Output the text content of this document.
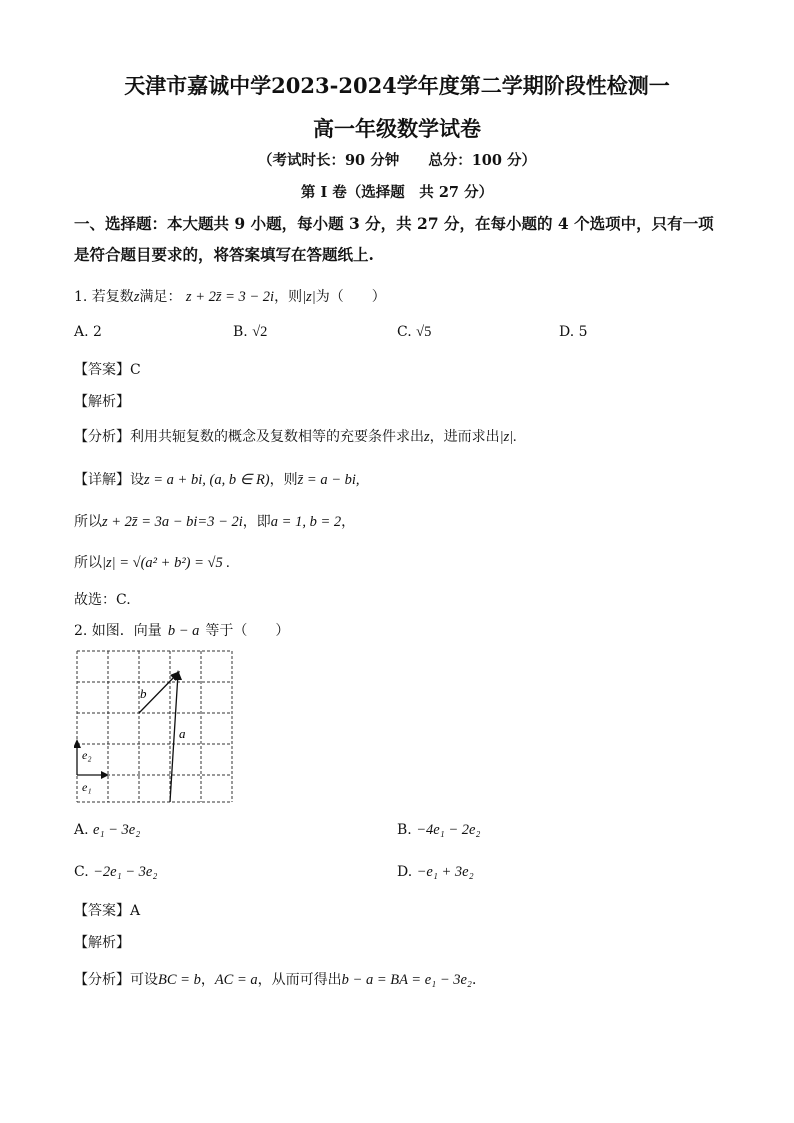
天津市嘉诚中学2023-2024学年度第二学期阶段性检测一
高一年级数学试卷
（考试时长：90 分钟　　总分：100 分）
第 I 卷（选择题　共 27 分）
一、选择题：本大题共 9 小题，每小题 3 分，共 27 分，在每小题的 4 个选项中，只有一项
是符合题目要求的，将答案填写在答题纸上.
1. 若复数z满足： z + 2z̄ = 3 − 2i，则|z|为（　　）
A. 2	B. √2	C. √5	D. 5
【答案】C
【解析】
【分析】利用共轭复数的概念及复数相等的充要条件求出z，进而求出|z|.
【详解】设z = a + bi, (a, b ∈ R)，则z̄ = a − bi,
所以z + 2z̄ = 3a − bi=3 − 2i，即a = 1, b = 2，
所以|z| = √(a² + b²) = √5 .
故选：C.
2. 如图．向量 b − a 等于（　　）
b
a
e₂
e₁
A. e₁ − 3e₂	B. −4e₁ − 2e₂
C. −2e₁ − 3e₂	D. −e₁ + 3e₂
【答案】A
【解析】
【分析】可设BC = b，AC = a，从而可得出b − a = BA = e₁ − 3e₂．
